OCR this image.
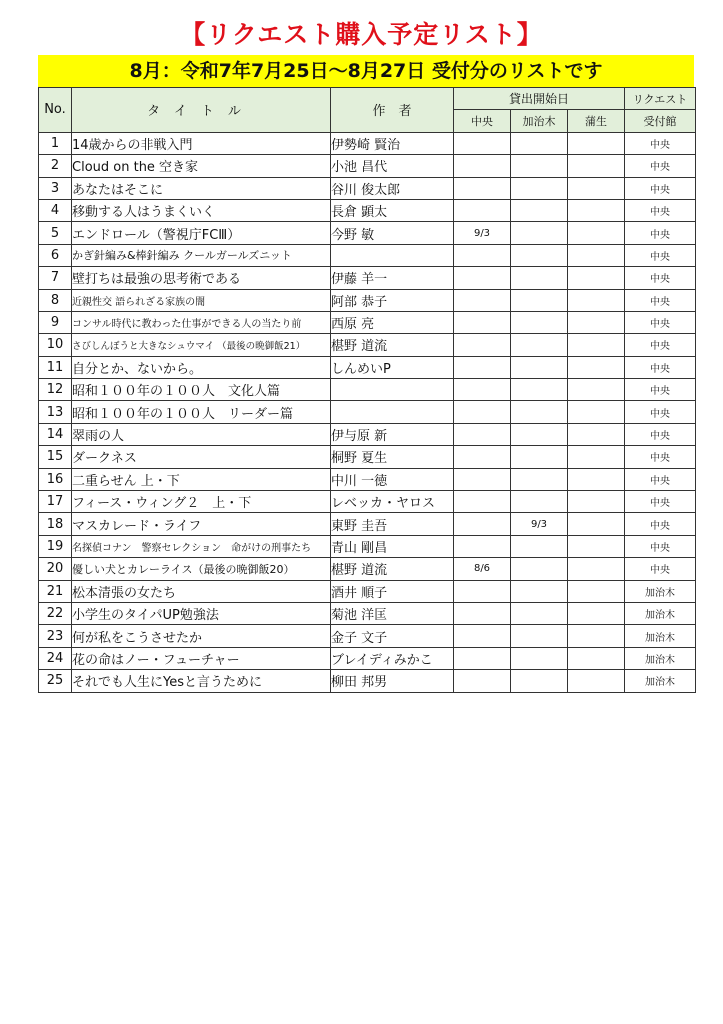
【リクエスト購入予定リスト】
8月：令和7年7月25日～8月27日 受付分のリストです
No.	タイトル	作　者	貸出開始日			リクエスト
			中央	加治木	蒲生	受付館
1	14歳からの非戦入門	伊勢崎 賢治				中央
2	Cloud on the 空き家	小池 昌代				中央
3	あなたはそこに	谷川 俊太郎				中央
4	移動する人はうまくいく	長倉 顕太				中央
5	エンドロール（警視庁FCⅢ）	今野 敏	9/3			中央
6	かぎ針編み&棒針編み クールガールズニット					中央
7	壁打ちは最強の思考術である	伊藤 羊一				中央
8	近親性交 語られざる家族の闇	阿部 恭子				中央
9	コンサル時代に教わった仕事ができる人の当たり前	西原 亮				中央
10	さびしんぼうと大きなシュウマイ （最後の晩御飯21）	椹野 道流				中央
11	自分とか、ないから。	しんめいP				中央
12	昭和１００年の１００人　文化人篇					中央
13	昭和１００年の１００人　リーダー篇					中央
14	翠雨の人	伊与原 新				中央
15	ダークネス	桐野 夏生				中央
16	二重らせん 上・下	中川 一徳				中央
17	フィース・ウィング２　上・下	レベッカ・ヤロス				中央
18	マスカレード・ライフ	東野 圭吾		9/3		中央
19	名探偵コナン　警察セレクション　命がけの刑事たち	青山 剛昌				中央
20	優しい犬とカレーライス（最後の晩御飯20）	椹野 道流	8/6			中央
21	松本清張の女たち	酒井 順子				加治木
22	小学生のタイパUP勉強法	菊池 洋匡				加治木
23	何が私をこうさせたか	金子 文子				加治木
24	花の命はノー・フューチャー	ブレイディみかこ				加治木
25	それでも人生にYesと言うために	柳田 邦男				加治木
